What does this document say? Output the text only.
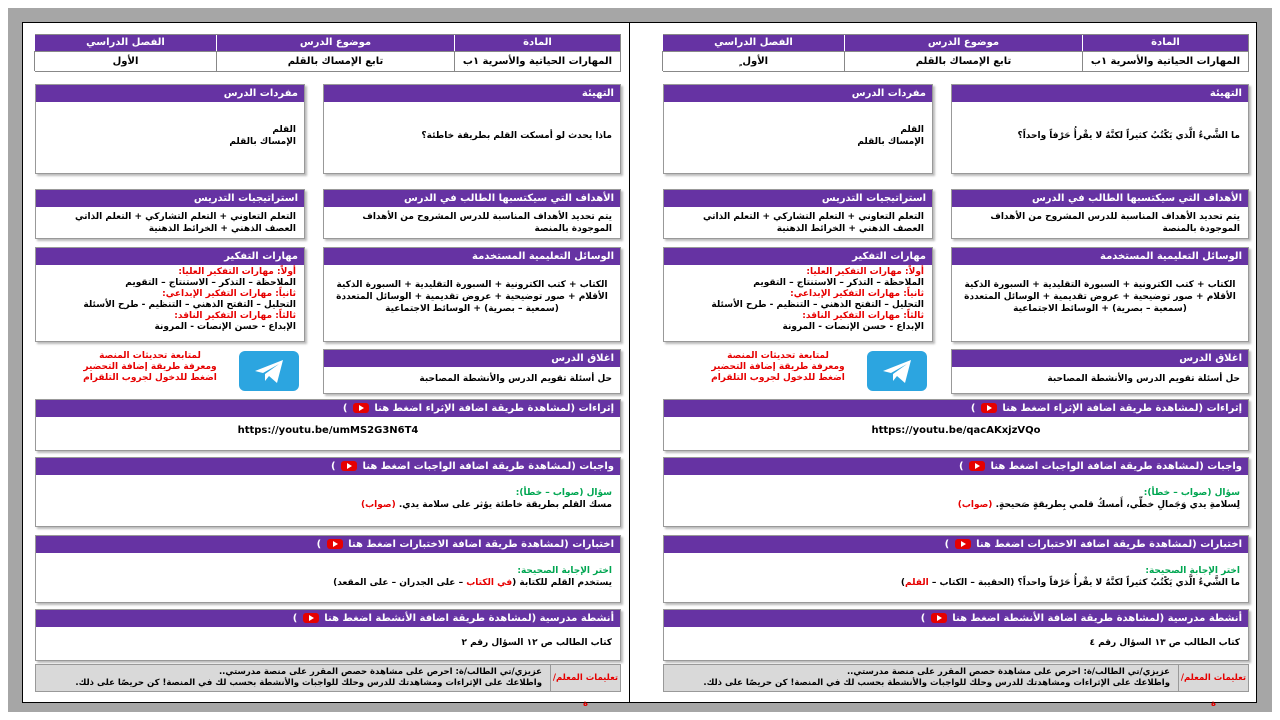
المادة
المهارات الحياتية والأسرية ١ب
موضوع الدرس
تابع الإمساك بالقلم
الفصل الدراسي
الأول ٍ
التهيئة
ما الشَّيءُ الَّذي يَكْتُبُ كثيراً لكنَّهُ لا يقْرأُ حَرْفاً واحداً؟
مفردات الدرس
القلم
الإمساك بالقلم
الأهداف التي سيكتسبها الطالب في الدرس
يتم تحديد الأهداف المناسبة للدرس المشروح من الأهداف الموجودة بالمنصة
استراتيجيات التدريس
التعلم التعاوني + التعلم التشاركي + التعلم الذاتي
العصف الذهني + الخرائط الذهنية
الوسائل التعليمية المستخدمة
الكتاب + كتب الكترونية + السبورة التقليدية + السبورة الذكية الأقلام + صور توضيحية + عروض تقديمية + الوسائل المتعددة (سمعية – بصرية) + الوسائط الاجتماعية
مهارات التفكير
أولاً: مهارات التفكير العليا:
الملاحظة – التذكر – الاستنتاج – التقويم
ثانياً: مهارات التفكير الإبداعي:
التحليل – التفتح الذهني – التنظيم - طرح الأسئلة
ثالثاً: مهارات التفكير الناقد:
الإبداع - حسن الإنصات - المرونة
لمتابعة تحديثات المنصة
ومعرفة طريقة إضافة التحضير
اضغط للدخول لجروب التلقرام
اغلاق الدرس
حل أسئلة تقويم الدرس والأنشطة المصاحبة
إثراءات (لمشاهدة طريقة اضافة الإثراء اضغط هنا  )
https://youtu.be/qacAKxjzVQo
واجبات (لمشاهدة طريقة اضافة الواجبات اضغط هنا  )
سؤال (صواب – خطأ):
لِسلامةِ يدي وَجَمالِ خطِّي، أَمسكُ قلمي بِطريقةٍ صَحيحةٍ. (صواب)
اختبارات (لمشاهدة طريقة اضافة الاختبارات اضغط هنا  )
اختر الإجابة الصحيحة:
ما الشَّيءُ الَّذي يَكْتُبُ كثيراً لكنَّهُ لا يقْرأُ حَرْفاً واحداً؟ (الحقيبة – الكتاب – القلم)
أنشطة مدرسية (لمشاهدة طريقة اضافة الأنشطة اضغط هنا  )
كتاب الطالب ص ١٣ السؤال رقم ٤
تعليمات المعلم/ة
عزيزي/تي الطالب/ة: احرص على مشاهدة حصص المقرر على منصة مدرستي..
واطلاعك على الإثراءات ومشاهدتك للدرس وحلك للواجبات والأنشطة بحسب لك في المنصة! كن حريصًا على ذلك.
المادة
المهارات الحياتية والأسرية ١ب
موضوع الدرس
تابع الإمساك بالقلم
الفصل الدراسي
الأول
التهيئة
ماذا يحدث لو أمسكت القلم بطريقة خاطئة؟
مفردات الدرس
القلم
الإمساك بالقلم
الأهداف التي سيكتسبها الطالب في الدرس
يتم تحديد الأهداف المناسبة للدرس المشروح من الأهداف الموجودة بالمنصة
استراتيجيات التدريس
التعلم التعاوني + التعلم التشاركي + التعلم الذاتي
العصف الذهني + الخرائط الذهنية
الوسائل التعليمية المستخدمة
الكتاب + كتب الكترونية + السبورة التقليدية + السبورة الذكية الأقلام + صور توضيحية + عروض تقديمية + الوسائل المتعددة (سمعية – بصرية) + الوسائط الاجتماعية
مهارات التفكير
أولاً: مهارات التفكير العليا:
الملاحظة – التذكر – الاستنتاج – التقويم
ثانياً: مهارات التفكير الإبداعي:
التحليل – التفتح الذهني – التنظيم - طرح الأسئلة
ثالثاً: مهارات التفكير الناقد:
الإبداع - حسن الإنصات - المرونة
لمتابعة تحديثات المنصة
ومعرفة طريقة إضافة التحضير
اضغط للدخول لجروب التلقرام
اغلاق الدرس
حل أسئلة تقويم الدرس والأنشطة المصاحبة
إثراءات (لمشاهدة طريقة اضافة الإثراء اضغط هنا  )
https://youtu.be/umMS2G3N6T4
واجبات (لمشاهدة طريقة اضافة الواجبات اضغط هنا  )
سؤال (صواب – خطأ):
مسك القلم بطريقة خاطئة يؤثر على سلامة يدي. (صواب)
اختبارات (لمشاهدة طريقة اضافة الاختبارات اضغط هنا  )
اختر الإجابة الصحيحة:
يستخدم القلم للكتابة (في الكتاب – على الجدران – على المقعد)
أنشطة مدرسية (لمشاهدة طريقة اضافة الأنشطة اضغط هنا  )
كتاب الطالب ص ١٢ السؤال رقم ٢
تعليمات المعلم/ة
عزيزي/تي الطالب/ة: احرص على مشاهدة حصص المقرر على منصة مدرستي..
واطلاعك على الإثراءات ومشاهدتك للدرس وحلك للواجبات والأنشطة بحسب لك في المنصة! كن حريصًا على ذلك.
